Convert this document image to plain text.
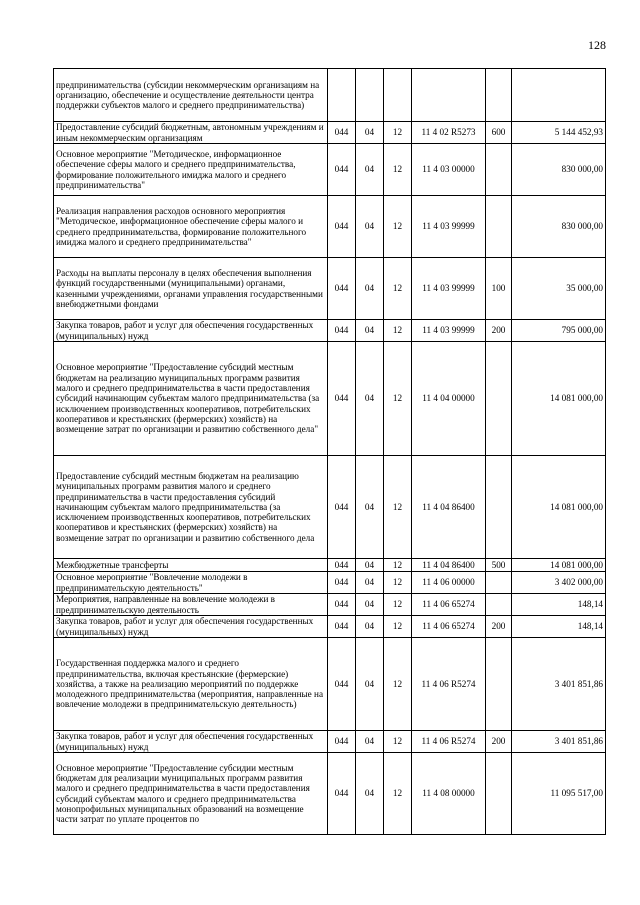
128
предпринимательства (субсидии некоммерческим организациям на организацию, обеспечение и осуществление деятельности центра поддержки субъектов малого и среднего предпринимательства)						
Предоставление субсидий бюджетным, автономным учреждениям и иным некоммерческим организациям	044	04	12	11 4 02 R5273	600	5 144 452,93
Основное мероприятие "Методическое, информационное обеспечение сферы малого и среднего предпринимательства, формирование положительного имиджа малого и среднего предпринимательства"	044	04	12	11 4 03 00000		830 000,00
Реализация направления расходов основного мероприятия "Методическое, информационное обеспечение сферы малого и среднего предпринимательства, формирование положительного имиджа малого и среднего предпринимательства"	044	04	12	11 4 03 99999		830 000,00
Расходы на выплаты персоналу в целях обеспечения выполнения функций государственными (муниципальными) органами, казенными учреждениями, органами управления государственными внебюджетными фондами	044	04	12	11 4 03 99999	100	35 000,00
Закупка товаров, работ и услуг для обеспечения государственных (муниципальных) нужд	044	04	12	11 4 03 99999	200	795 000,00
Основное мероприятие "Предоставление субсидий местным бюджетам на реализацию муниципальных программ развития малого и среднего предпринимательства в части предоставления субсидий начинающим субъектам малого предпринимательства (за исключением производственных кооперативов, потребительских кооперативов и крестьянских (фермерских) хозяйств) на возмещение затрат по организации и развитию собственного дела"	044	04	12	11 4 04 00000		14 081 000,00
Предоставление субсидий местным бюджетам на реализацию муниципальных программ развития малого и среднего предпринимательства в части предоставления субсидий начинающим субъектам малого предпринимательства (за исключением производственных кооперативов, потребительских кооперативов и крестьянских (фермерских) хозяйств) на возмещение затрат по организации и развитию собственного дела	044	04	12	11 4 04 86400		14 081 000,00
Межбюджетные трансферты	044	04	12	11 4 04 86400	500	14 081 000,00
Основное мероприятие "Вовлечение молодежи в предпринимательскую деятельность"	044	04	12	11 4 06 00000		3 402 000,00
Мероприятия, направленные на вовлечение молодежи в предпринимательскую деятельность	044	04	12	11 4 06 65274		148,14
Закупка товаров, работ и услуг для обеспечения государственных (муниципальных) нужд	044	04	12	11 4 06 65274	200	148,14
Государственная поддержка малого и среднего предпринимательства, включая крестьянские (фермерские) хозяйства, а также на реализацию мероприятий по поддержке молодежного предпринимательства (мероприятия, направленные на вовлечение молодежи в предпринимательскую деятельность)	044	04	12	11 4 06 R5274		3 401 851,86
Закупка товаров, работ и услуг для обеспечения государственных (муниципальных) нужд	044	04	12	11 4 06 R5274	200	3 401 851,86
Основное мероприятие "Предоставление субсидии местным бюджетам для реализации муниципальных программ развития малого и среднего предпринимательства в части предоставления субсидий субъектам малого и среднего предпринимательства монопрофильных муниципальных образований на возмещение части затрат по уплате процентов по	044	04	12	11 4 08 00000		11 095 517,00
